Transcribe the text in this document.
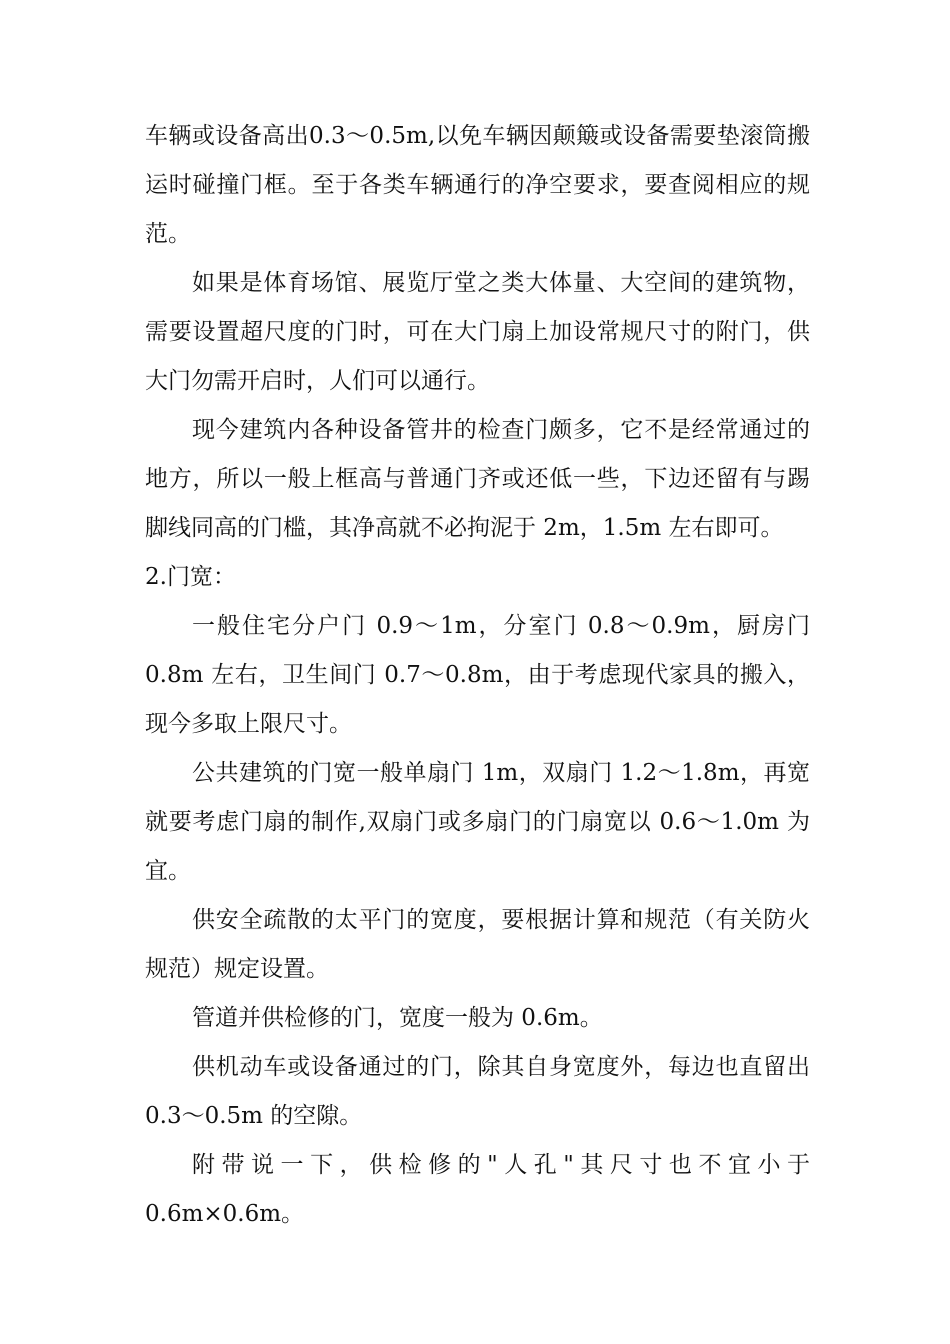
车辆或设备高出0.3～0.5m,以免车辆因颠簸或设备需要垫滚筒搬运时碰撞门框。至于各类车辆通行的净空要求，要查阅相应的规范。

如果是体育场馆、展览厅堂之类大体量、大空间的建筑物，需要设置超尺度的门时，可在大门扇上加设常规尺寸的附门，供大门勿需开启时，人们可以通行。

现今建筑内各种设备管井的检查门颇多，它不是经常通过的地方，所以一般上框高与普通门齐或还低一些，下边还留有与踢脚线同高的门槛，其净高就不必拘泥于 2m，1.5m 左右即可。

2.门宽：

一般住宅分户门 0.9～1m，分室门 0.8～0.9m，厨房门 0.8m 左右，卫生间门 0.7～0.8m，由于考虑现代家具的搬入，现今多取上限尺寸。

公共建筑的门宽一般单扇门 1m，双扇门 1.2～1.8m，再宽就要考虑门扇的制作,双扇门或多扇门的门扇宽以 0.6～1.0m 为宜。

供安全疏散的太平门的宽度，要根据计算和规范（有关防火规范）规定设置。

管道并供检修的门，宽度一般为 0.6m。

供机动车或设备通过的门，除其自身宽度外，每边也直留出 0.3～0.5m 的空隙。

附带说一下，供检修的"人孔"其尺寸也不宜小于 0.6m×0.6m。
